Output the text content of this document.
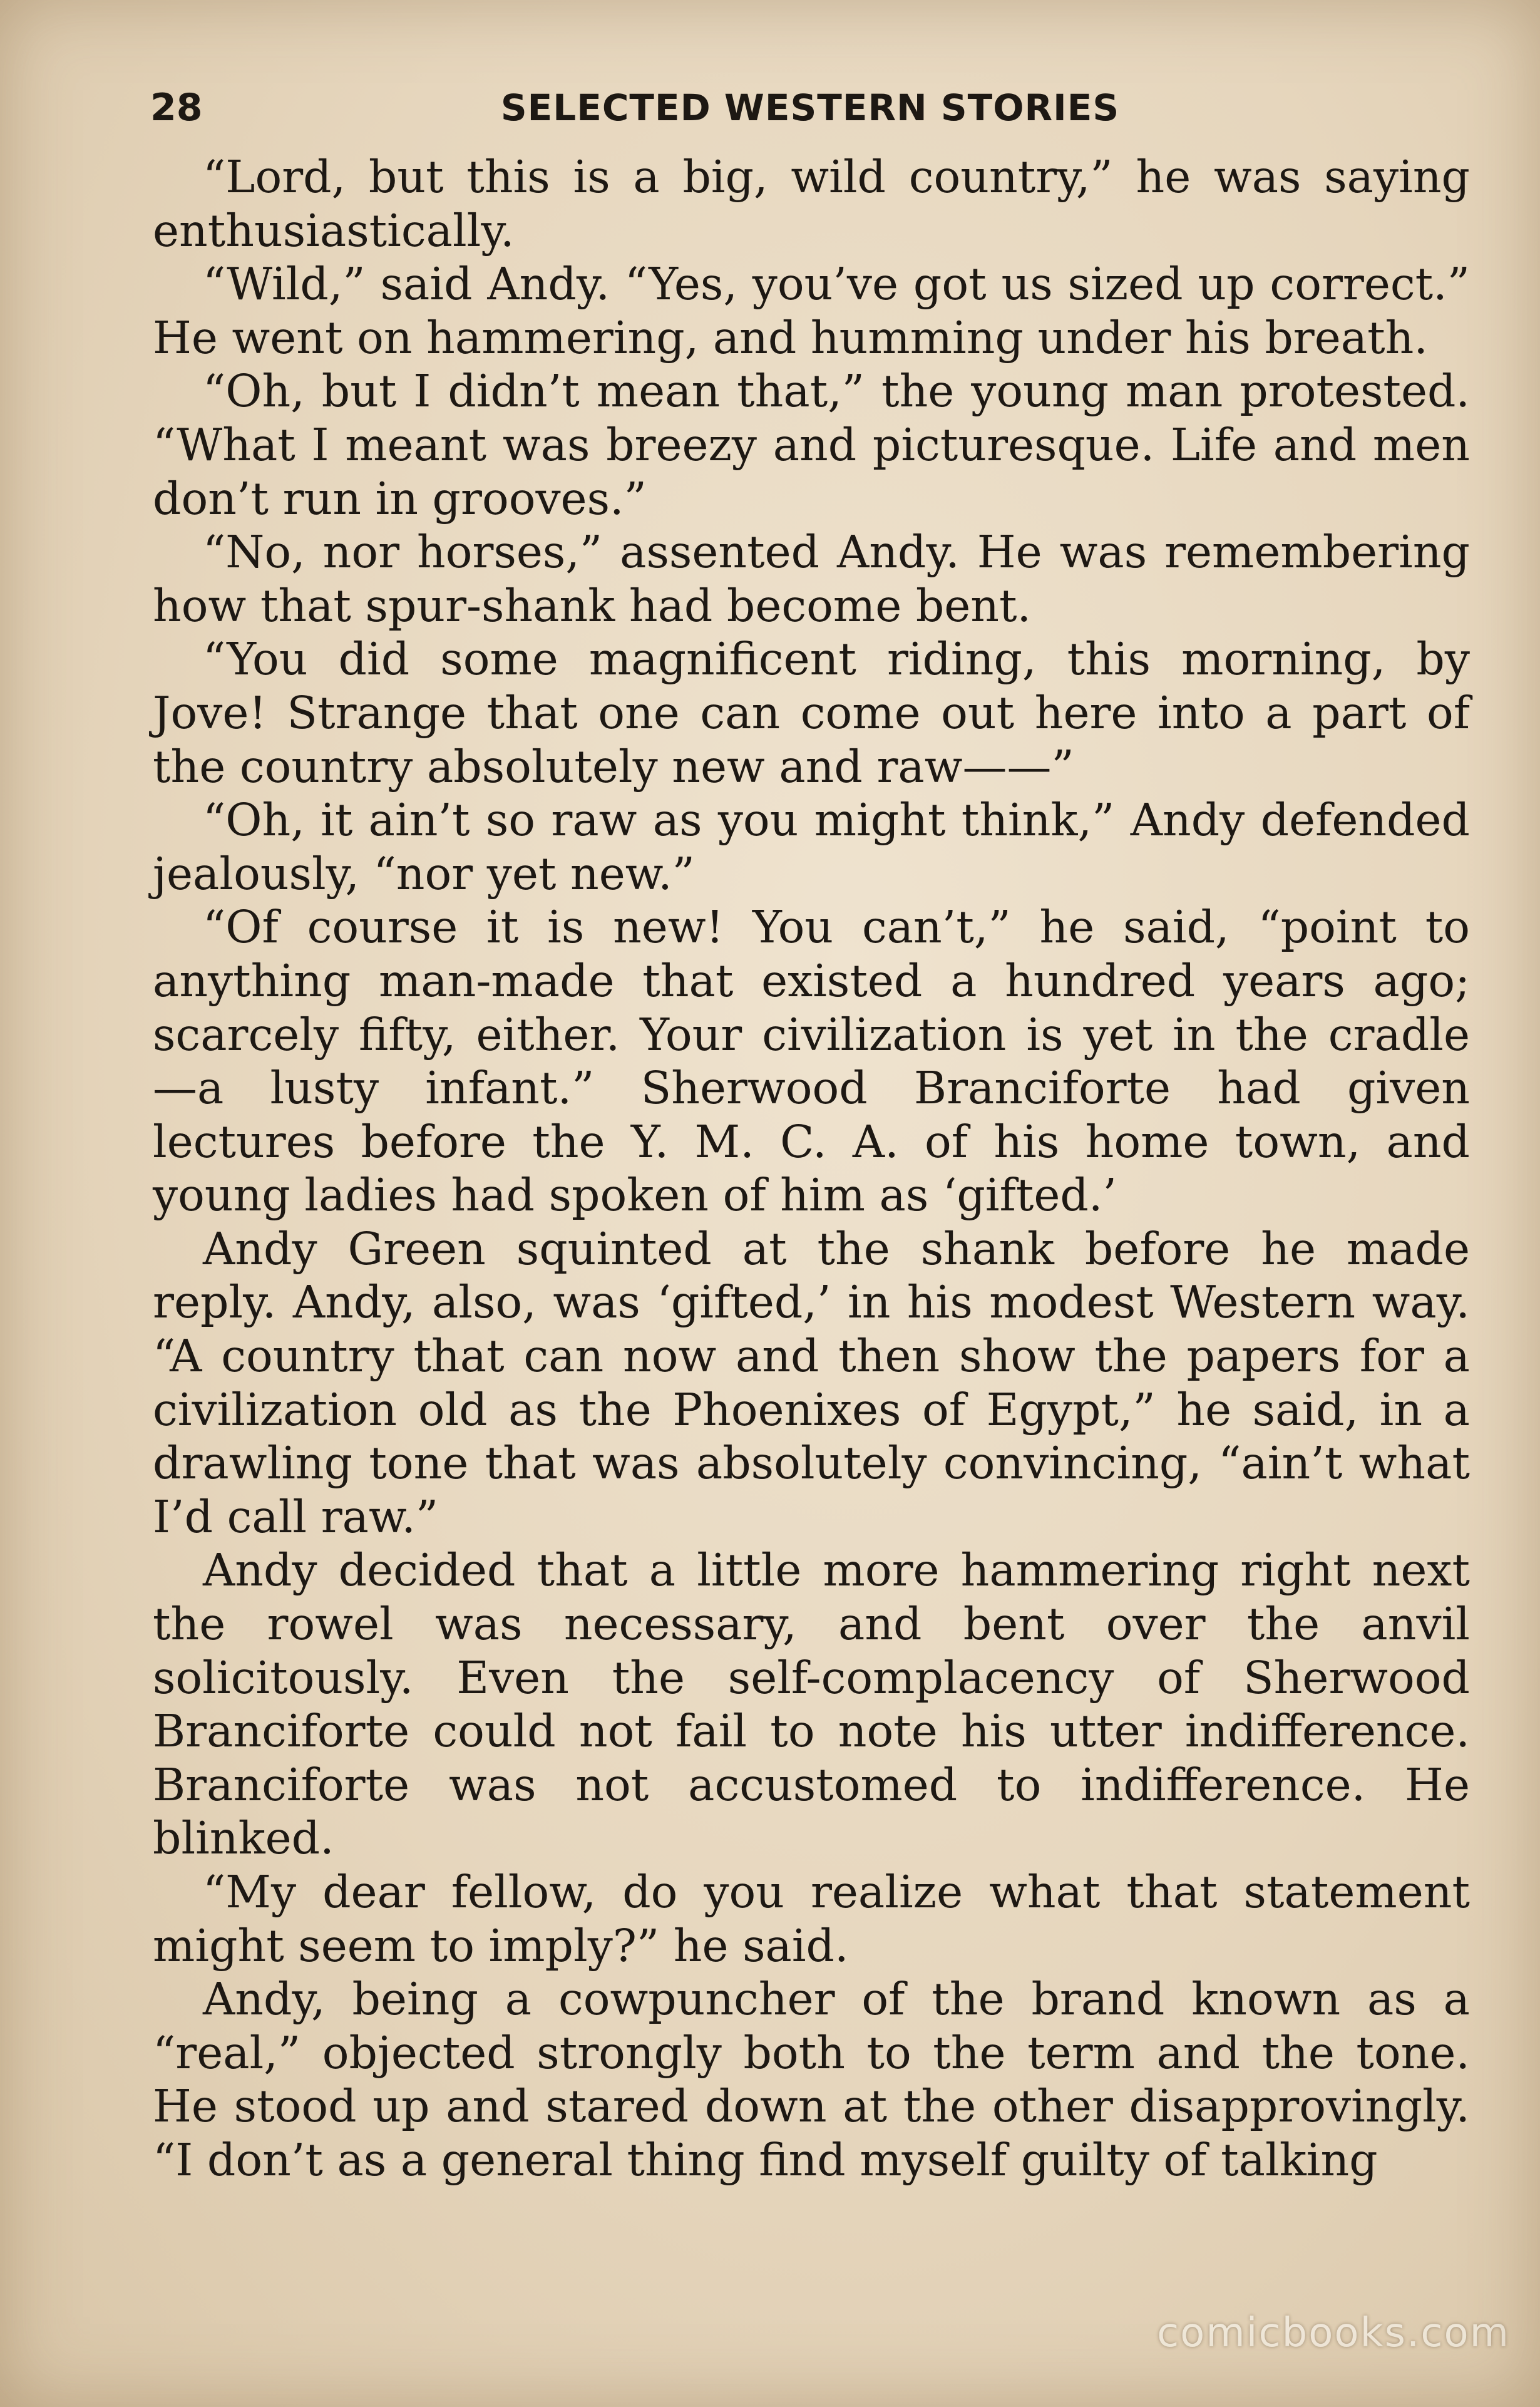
28	SELECTED WESTERN STORIES

“Lord, but this is a big, wild country,” he was saying enthusiastically.

“Wild,” said Andy. “Yes, you’ve got us sized up correct.” He went on hammering, and humming under his breath.

“Oh, but I didn’t mean that,” the young man protested. “What I meant was breezy and picturesque. Life and men don’t run in grooves.”

“No, nor horses,” assented Andy. He was remembering how that spur-shank had become bent.

“You did some magnificent riding, this morning, by Jove! Strange that one can come out here into a part of the country absolutely new and raw——”

“Oh, it ain’t so raw as you might think,” Andy defended jealously, “nor yet new.”

“Of course it is new! You can’t,” he said, “point to anything man-made that existed a hundred years ago; scarcely fifty, either. Your civilization is yet in the cradle —a lusty infant.” Sherwood Branciforte had given lectures before the Y. M. C. A. of his home town, and young ladies had spoken of him as ‘gifted.’

Andy Green squinted at the shank before he made reply. Andy, also, was ‘gifted,’ in his modest Western way. “A country that can now and then show the papers for a civilization old as the Phoenixes of Egypt,” he said, in a drawling tone that was absolutely convincing, “ain’t what I’d call raw.”

Andy decided that a little more hammering right next the rowel was necessary, and bent over the anvil solicitously. Even the self-complacency of Sherwood Branciforte could not fail to note his utter indifference. Branciforte was not accustomed to indifference. He blinked.

“My dear fellow, do you realize what that statement might seem to imply?” he said.

Andy, being a cowpuncher of the brand known as a “real,” objected strongly both to the term and the tone. He stood up and stared down at the other disapprovingly. “I don’t as a general thing find myself guilty of talking

comicbooks.com
